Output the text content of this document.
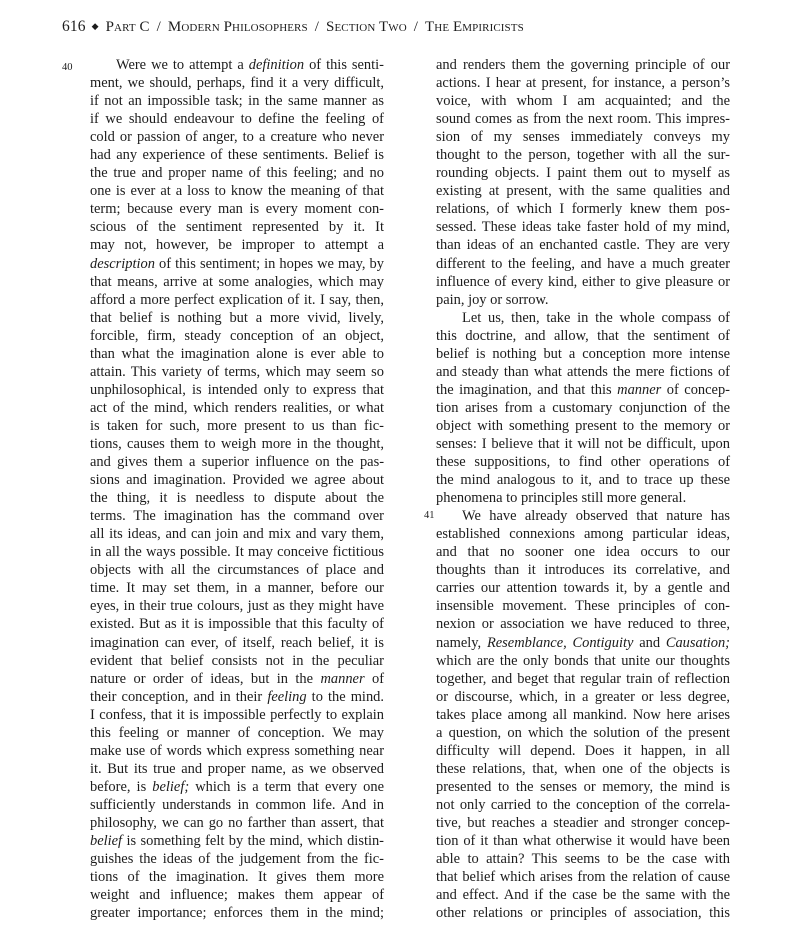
616 ◆ Part C / Modern Philosophers / Section Two / The Empiricists
40
41
Were we to attempt a definition of this senti-
ment, we should, perhaps, find it a very difficult,
if not an impossible task; in the same manner as
if we should endeavour to define the feeling of
cold or passion of anger, to a creature who never
had any experience of these sentiments. Belief is
the true and proper name of this feeling; and no
one is ever at a loss to know the meaning of that
term; because every man is every moment con-
scious of the sentiment represented by it. It
may not, however, be improper to attempt a
description of this sentiment; in hopes we may, by
that means, arrive at some analogies, which may
afford a more perfect explication of it. I say, then,
that belief is nothing but a more vivid, lively,
forcible, firm, steady conception of an object,
than what the imagination alone is ever able to
attain. This variety of terms, which may seem so
unphilosophical, is intended only to express that
act of the mind, which renders realities, or what
is taken for such, more present to us than fic-
tions, causes them to weigh more in the thought,
and gives them a superior influence on the pas-
sions and imagination. Provided we agree about
the thing, it is needless to dispute about the
terms. The imagination has the command over
all its ideas, and can join and mix and vary them,
in all the ways possible. It may conceive fictitious
objects with all the circumstances of place and
time. It may set them, in a manner, before our
eyes, in their true colours, just as they might have
existed. But as it is impossible that this faculty of
imagination can ever, of itself, reach belief, it is
evident that belief consists not in the peculiar
nature or order of ideas, but in the manner of
their conception, and in their feeling to the mind.
I confess, that it is impossible perfectly to explain
this feeling or manner of conception. We may
make use of words which express something near
it. But its true and proper name, as we observed
before, is belief; which is a term that every one
sufficiently understands in common life. And in
philosophy, we can go no farther than assert, that
belief is something felt by the mind, which distin-
guishes the ideas of the judgement from the fic-
tions of the imagination. It gives them more
weight and influence; makes them appear of
greater importance; enforces them in the mind;
and renders them the governing principle of our
actions. I hear at present, for instance, a person’s
voice, with whom I am acquainted; and the
sound comes as from the next room. This impres-
sion of my senses immediately conveys my
thought to the person, together with all the sur-
rounding objects. I paint them out to myself as
existing at present, with the same qualities and
relations, of which I formerly knew them pos-
sessed. These ideas take faster hold of my mind,
than ideas of an enchanted castle. They are very
different to the feeling, and have a much greater
influence of every kind, either to give pleasure or
pain, joy or sorrow.
Let us, then, take in the whole compass of
this doctrine, and allow, that the sentiment of
belief is nothing but a conception more intense
and steady than what attends the mere fictions of
the imagination, and that this manner of concep-
tion arises from a customary conjunction of the
object with something present to the memory or
senses: I believe that it will not be difficult, upon
these suppositions, to find other operations of
the mind analogous to it, and to trace up these
phenomena to principles still more general.
We have already observed that nature has
established connexions among particular ideas,
and that no sooner one idea occurs to our
thoughts than it introduces its correlative, and
carries our attention towards it, by a gentle and
insensible movement. These principles of con-
nexion or association we have reduced to three,
namely, Resemblance, Contiguity and Causation;
which are the only bonds that unite our thoughts
together, and beget that regular train of reflection
or discourse, which, in a greater or less degree,
takes place among all mankind. Now here arises
a question, on which the solution of the present
difficulty will depend. Does it happen, in all
these relations, that, when one of the objects is
presented to the senses or memory, the mind is
not only carried to the conception of the correla-
tive, but reaches a steadier and stronger concep-
tion of it than what otherwise it would have been
able to attain? This seems to be the case with
that belief which arises from the relation of cause
and effect. And if the case be the same with the
other relations or principles of association, this
